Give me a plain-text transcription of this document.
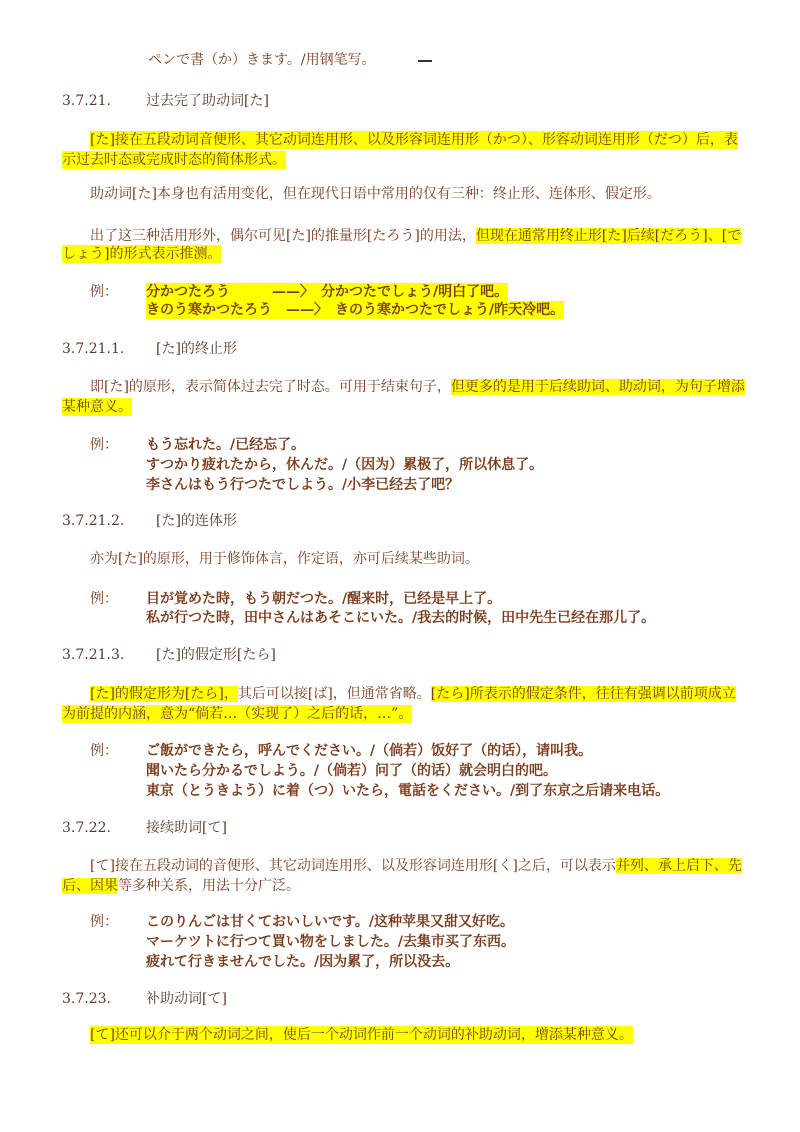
ペンで書（か）きます。/用钢笔写。
3.7.21.	过去完了助动词[た]
[た]接在五段动词音便形、其它动词连用形、以及形容词连用形（かつ）、形容动词连用形（だつ）后，表
示过去时态或完成时态的简体形式。
助动词[た]本身也有活用变化，但在现代日语中常用的仅有三种：终止形、连体形、假定形。
出了这三种活用形外，偶尔可见[た]的推量形[たろう]的用法，但现在通常用终止形[た]后续[だろう]、[で
しょう]的形式表示推测。
例： 分かつたろう　　　——〉　分かつたでしょう/明白了吧。
きのう寒かつたろう　——〉　きのう寒かつたでしょう/昨天冷吧。
3.7.21.1. [た]的终止形
即[た]的原形，表示简体过去完了时态。可用于结束句子，但更多的是用于后续助词、助动词，为句子增添
某种意义。
例： もう忘れた。/已经忘了。
すつかり疲れたから，休んだ。/（因为）累极了，所以休息了。
李さんはもう行つたでしよう。/小李已经去了吧？
3.7.21.2. [た]的连体形
亦为[た]的原形，用于修饰体言，作定语，亦可后续某些助词。
例： 目が覚めた時，もう朝だつた。/醒来时，已经是早上了。
私が行つた時，田中さんはあそこにいた。/我去的时候，田中先生已经在那儿了。
3.7.21.3. [た]的假定形[たら]
[た]的假定形为[たら]，其后可以接[ば]，但通常省略。[たら]所表示的假定条件，往往有强调以前项成立
为前提的内涵，意为“倘若…（实现了）之后的话，…”。
例： ご飯ができたら，呼んでください。/（倘若）饭好了（的话），请叫我。
聞いたら分かるでしよう。/（倘若）问了（的话）就会明白的吧。
東京（とうきよう）に着（つ）いたら，電話をください。/到了东京之后请来电话。
3.7.22.	接续助词[て]
[て]接在五段动词的音便形、其它动词连用形、以及形容词连用形[く]之后，可以表示并列、承上启下、先
后、因果等多种关系，用法十分广泛。
例： このりんごは甘くておいしいです。/这种苹果又甜又好吃。
マーケツトに行つて買い物をしました。/去集市买了东西。
疲れて行きませんでした。/因为累了，所以没去。
3.7.23.	补助动词[て]
[て]还可以介于两个动词之间，使后一个动词作前一个动词的补助动词，增添某种意义。
